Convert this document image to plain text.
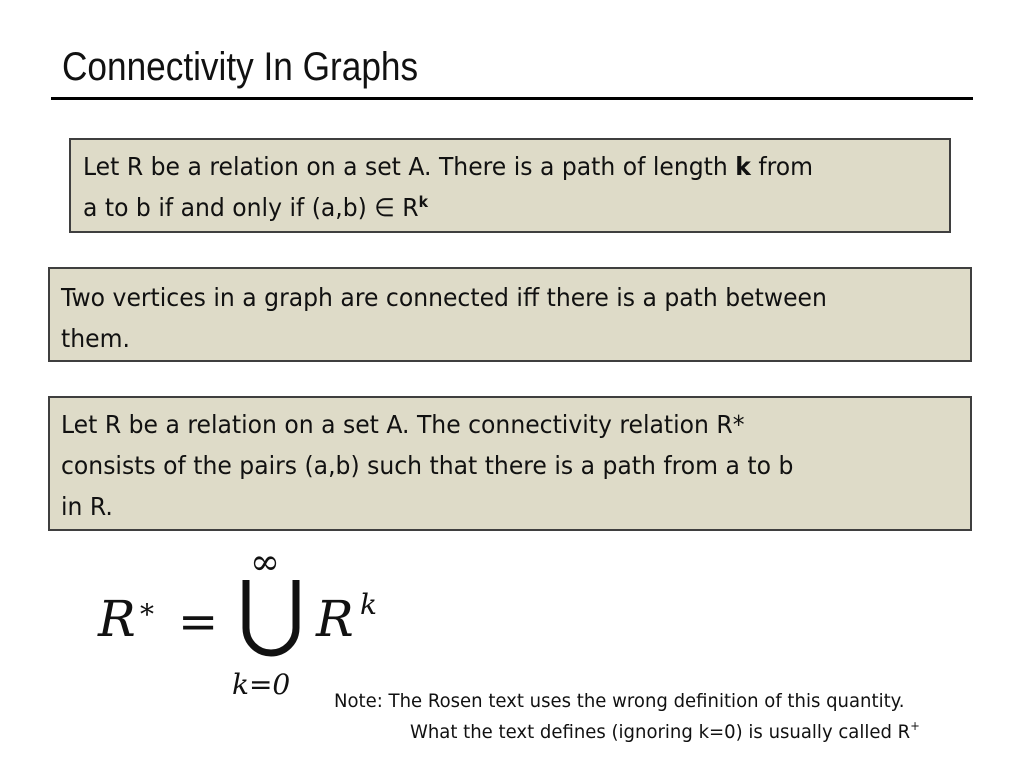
Connectivity In Graphs
Let R be a relation on a set A. There is a path of length k from
a to b if and only if (a,b) ∈ $R^k$
Two vertices in a graph are connected iff there is a path between
them.
Let R be a relation on a set A. The connectivity relation R*
consists of the pairs (a,b) such that there is a path from a to b
in R.
R * =
∞
k=0
R k
Note: The Rosen text uses the wrong definition of this quantity.
What the text defines (ignoring k=0) is usually called R+
